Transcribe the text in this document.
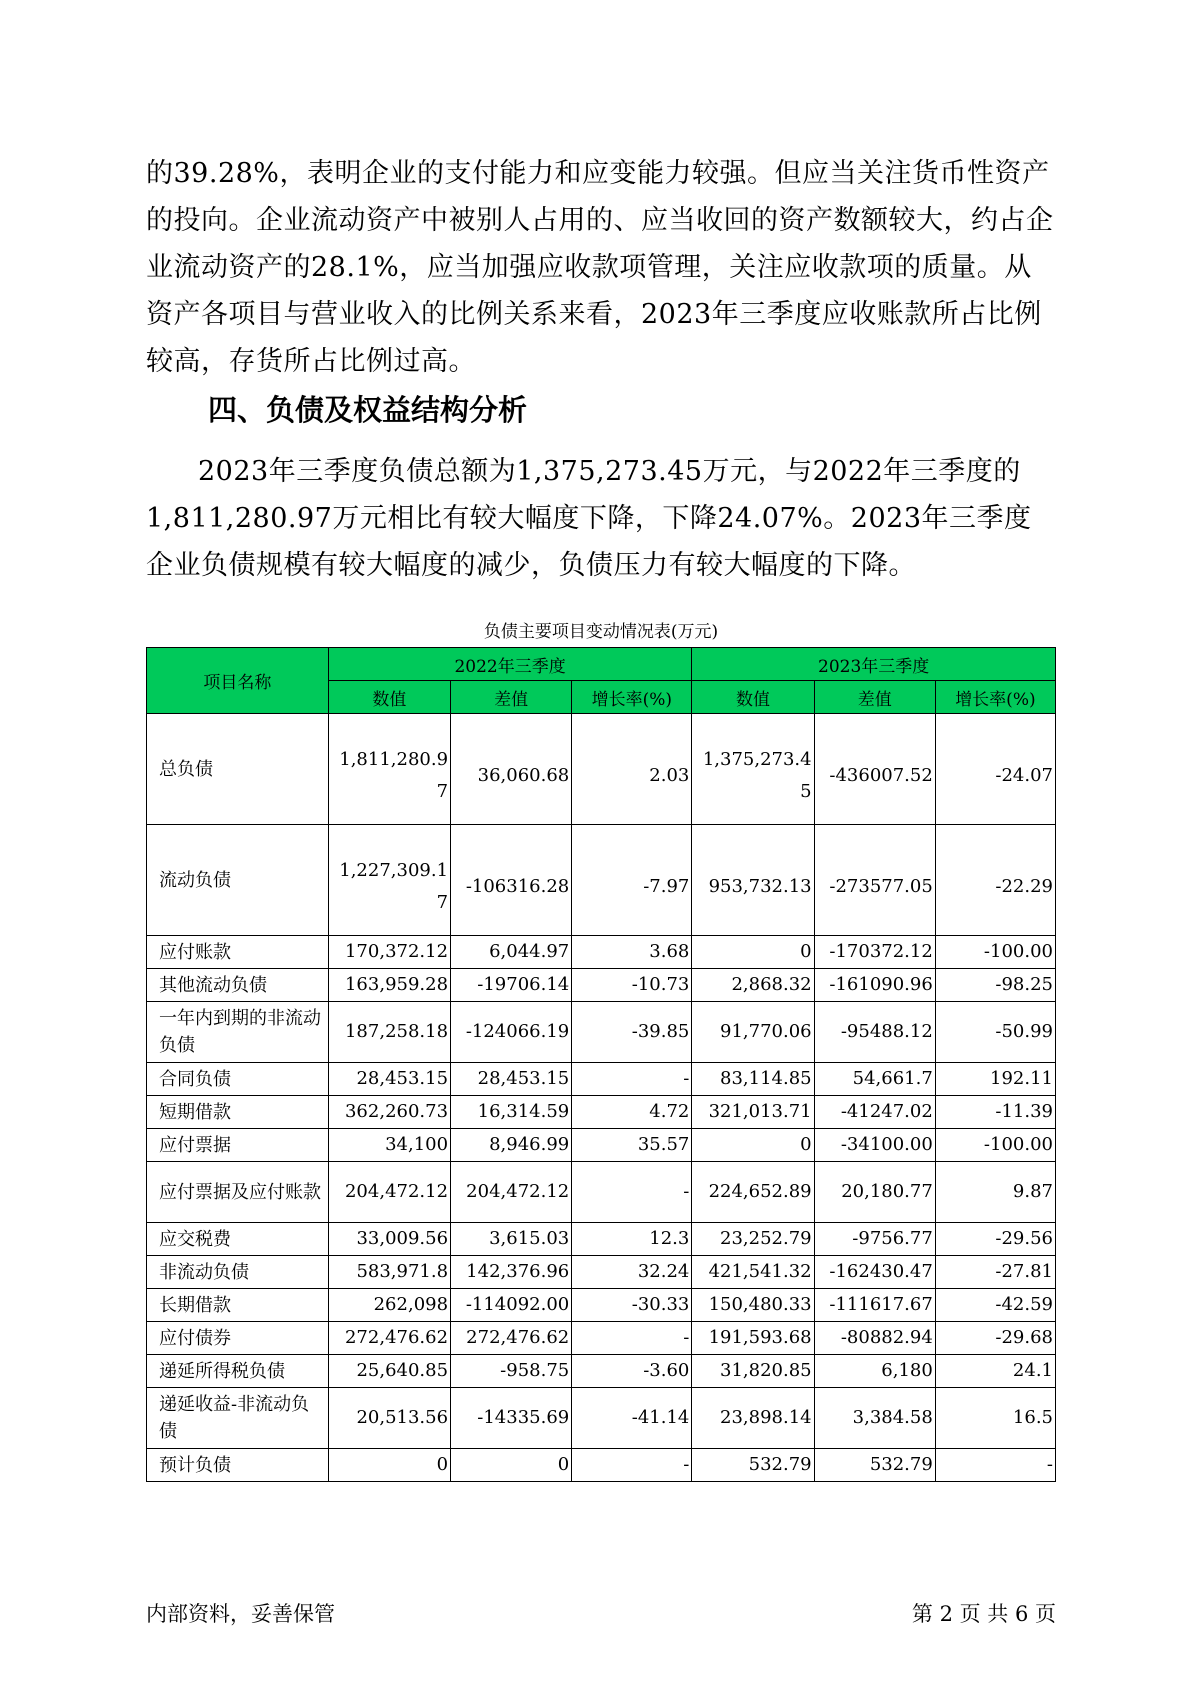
的39.28%，表明企业的支付能力和应变能力较强。但应当关注货币性资产的投向。企业流动资产中被别人占用的、应当收回的资产数额较大，约占企业流动资产的28.1%，应当加强应收款项管理，关注应收款项的质量。从资产各项目与营业收入的比例关系来看，2023年三季度应收账款所占比例较高，存货所占比例过高。

四、负债及权益结构分析

2023年三季度负债总额为1,375,273.45万元，与2022年三季度的1,811,280.97万元相比有较大幅度下降，下降24.07%。2023年三季度企业负债规模有较大幅度的减少，负债压力有较大幅度的下降。

负债主要项目变动情况表(万元)
项目名称	2022年三季度			2023年三季度		
	数值	差值	增长率(%)	数值	差值	增长率(%)
总负债	1,811,280.97	36,060.68	2.03	1,375,273.45	-436007.52	-24.07
流动负债	1,227,309.17	-106316.28	-7.97	953,732.13	-273577.05	-22.29
应付账款	170,372.12	6,044.97	3.68	0	-170372.12	-100.00
其他流动负债	163,959.28	-19706.14	-10.73	2,868.32	-161090.96	-98.25
一年内到期的非流动负债	187,258.18	-124066.19	-39.85	91,770.06	-95488.12	-50.99
合同负债	28,453.15	28,453.15	-	83,114.85	54,661.7	192.11
短期借款	362,260.73	16,314.59	4.72	321,013.71	-41247.02	-11.39
应付票据	34,100	8,946.99	35.57	0	-34100.00	-100.00
应付票据及应付账款	204,472.12	204,472.12	-	224,652.89	20,180.77	9.87
应交税费	33,009.56	3,615.03	12.3	23,252.79	-9756.77	-29.56
非流动负债	583,971.8	142,376.96	32.24	421,541.32	-162430.47	-27.81
长期借款	262,098	-114092.00	-30.33	150,480.33	-111617.67	-42.59
应付债券	272,476.62	272,476.62	-	191,593.68	-80882.94	-29.68
递延所得税负债	25,640.85	-958.75	-3.60	31,820.85	6,180	24.1
递延收益-非流动负债	20,513.56	-14335.69	-41.14	23,898.14	3,384.58	16.5
预计负债	0	0	-	532.79	532.79	-
内部资料，妥善保管	第 2 页 共 6 页
